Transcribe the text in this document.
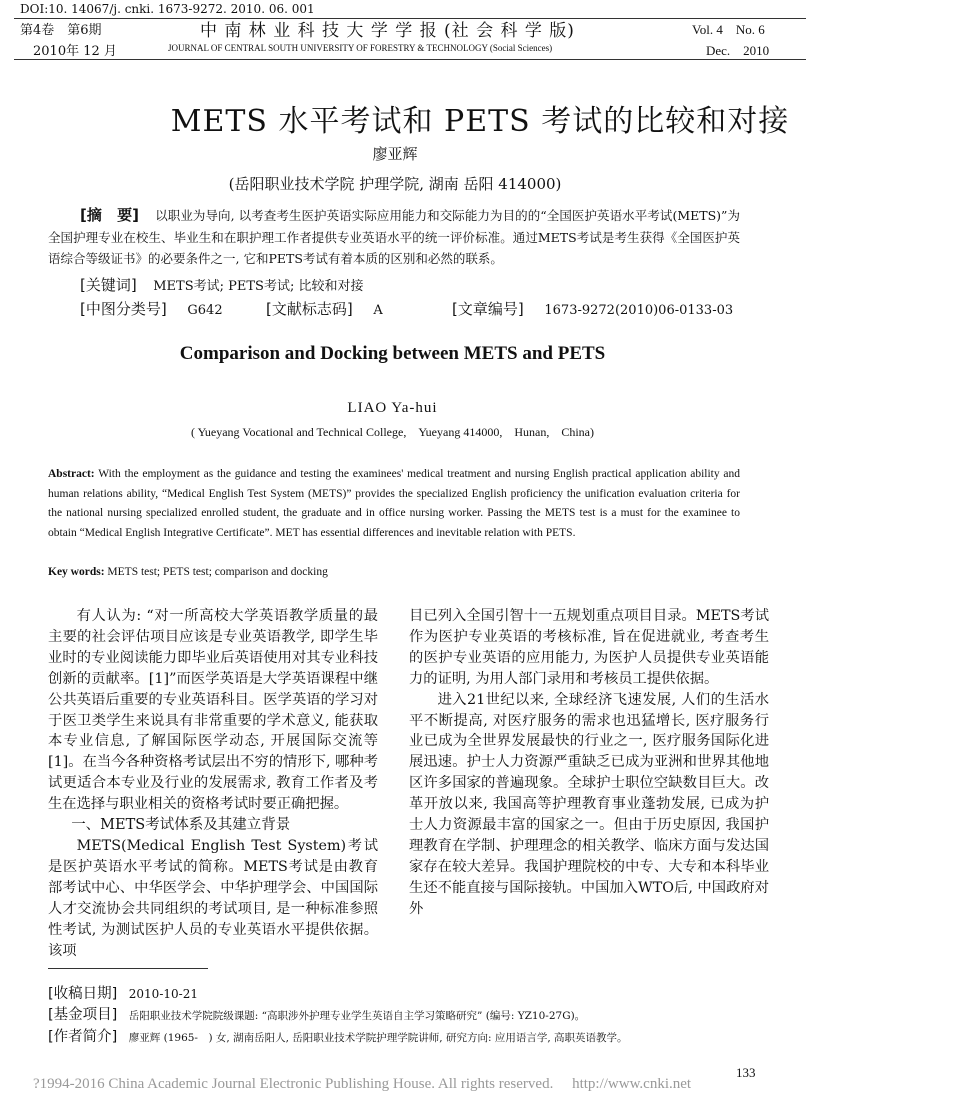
DOI:10. 14067/j. cnki. 1673-9272. 2010. 06. 001
第4卷　第6期	中 南 林 业 科 技 大 学 学 报 (社 会 科 学 版)	Vol. 4　No. 6
2010年 12 月	JOURNAL OF CENTRAL SOUTH UNIVERSITY OF FORESTRY & TECHNOLOGY (Social Sciences)	Dec.　2010
METS 水平考试和 PETS 考试的比较和对接
廖亚辉
(岳阳职业技术学院 护理学院, 湖南 岳阳 414000)
[摘　要] 以职业为导向, 以考查考生医护英语实际应用能力和交际能力为目的的“全国医护英语水平考试(METS)”为全国护理专业在校生、毕业生和在职护理工作者提供专业英语水平的统一评价标准。通过METS考试是考生获得《全国医护英语综合等级证书》的必要条件之一, 它和PETS考试有着本质的区别和必然的联系。
[关键词] METS考试; PETS考试; 比较和对接
[中图分类号] G642	[文献标志码] A	[文章编号] 1673-9272(2010)06-0133-03
Comparison and Docking between METS and PETS
LIAO Ya-hui
( Yueyang Vocational and Technical College,　Yueyang 414000,　Hunan,　China)
Abstract: With the employment as the guidance and testing the examinees' medical treatment and nursing English practical application ability and human relations ability, “Medical English Test System (METS)” provides the specialized English proficiency the unification evaluation criteria for the national nursing specialized enrolled student, the graduate and in office nursing worker. Passing the METS test is a must for the examinee to obtain “Medical English Integrative Certificate”. MET has essential differences and inevitable relation with PETS.
Key words: METS test; PETS test; comparison and docking

有人认为: “对一所高校大学英语教学质量的最主要的社会评估项目应该是专业英语教学, 即学生毕业时的专业阅读能力即毕业后英语使用对其专业科技创新的贡献率。[1]”而医学英语是大学英语课程中继公共英语后重要的专业英语科目。医学英语的学习对于医卫类学生来说具有非常重要的学术意义, 能获取本专业信息, 了解国际医学动态, 开展国际交流等[1]。在当今各种资格考试层出不穷的情形下, 哪种考试更适合本专业及行业的发展需求, 教育工作者及考生在选择与职业相关的资格考试时要正确把握。

一、METS考试体系及其建立背景

METS(Medical English Test System)考试是医护英语水平考试的简称。METS考试是由教育部考试中心、中华医学会、中华护理学会、中国国际人才交流协会共同组织的考试项目, 是一种标准参照性考试, 为测试医护人员的专业英语水平提供依据。该项

目已列入全国引智十一五规划重点项目目录。METS考试作为医护专业英语的考核标准, 旨在促进就业, 考查考生的医护专业英语的应用能力, 为医护人员提供专业英语能力的证明, 为用人部门录用和考核员工提供依据。

进入21世纪以来, 全球经济飞速发展, 人们的生活水平不断提高, 对医疗服务的需求也迅猛增长, 医疗服务行业已成为全世界发展最快的行业之一, 医疗服务国际化进展迅速。护士人力资源严重缺乏已成为亚洲和世界其他地区许多国家的普遍现象。全球护士职位空缺数目巨大。改革开放以来, 我国高等护理教育事业蓬勃发展, 已成为护士人力资源最丰富的国家之一。但由于历史原因, 我国护理教育在学制、护理理念的相关教学、临床方面与发达国家存在较大差异。我国护理院校的中专、大专和本科毕业生还不能直接与国际接轨。中国加入WTO后, 中国政府对外

[收稿日期] 2010-10-21
[基金项目] 岳阳职业技术学院院级课题: “高职涉外护理专业学生英语自主学习策略研究” (编号: YZ10-27G)。
[作者简介] 廖亚辉 (1965-　) 女, 湖南岳阳人, 岳阳职业技术学院护理学院讲师, 研究方向: 应用语言学, 高职英语教学。
133
?1994-2016 China Academic Journal Electronic Publishing House. All rights reserved.　 http://www.cnki.net
